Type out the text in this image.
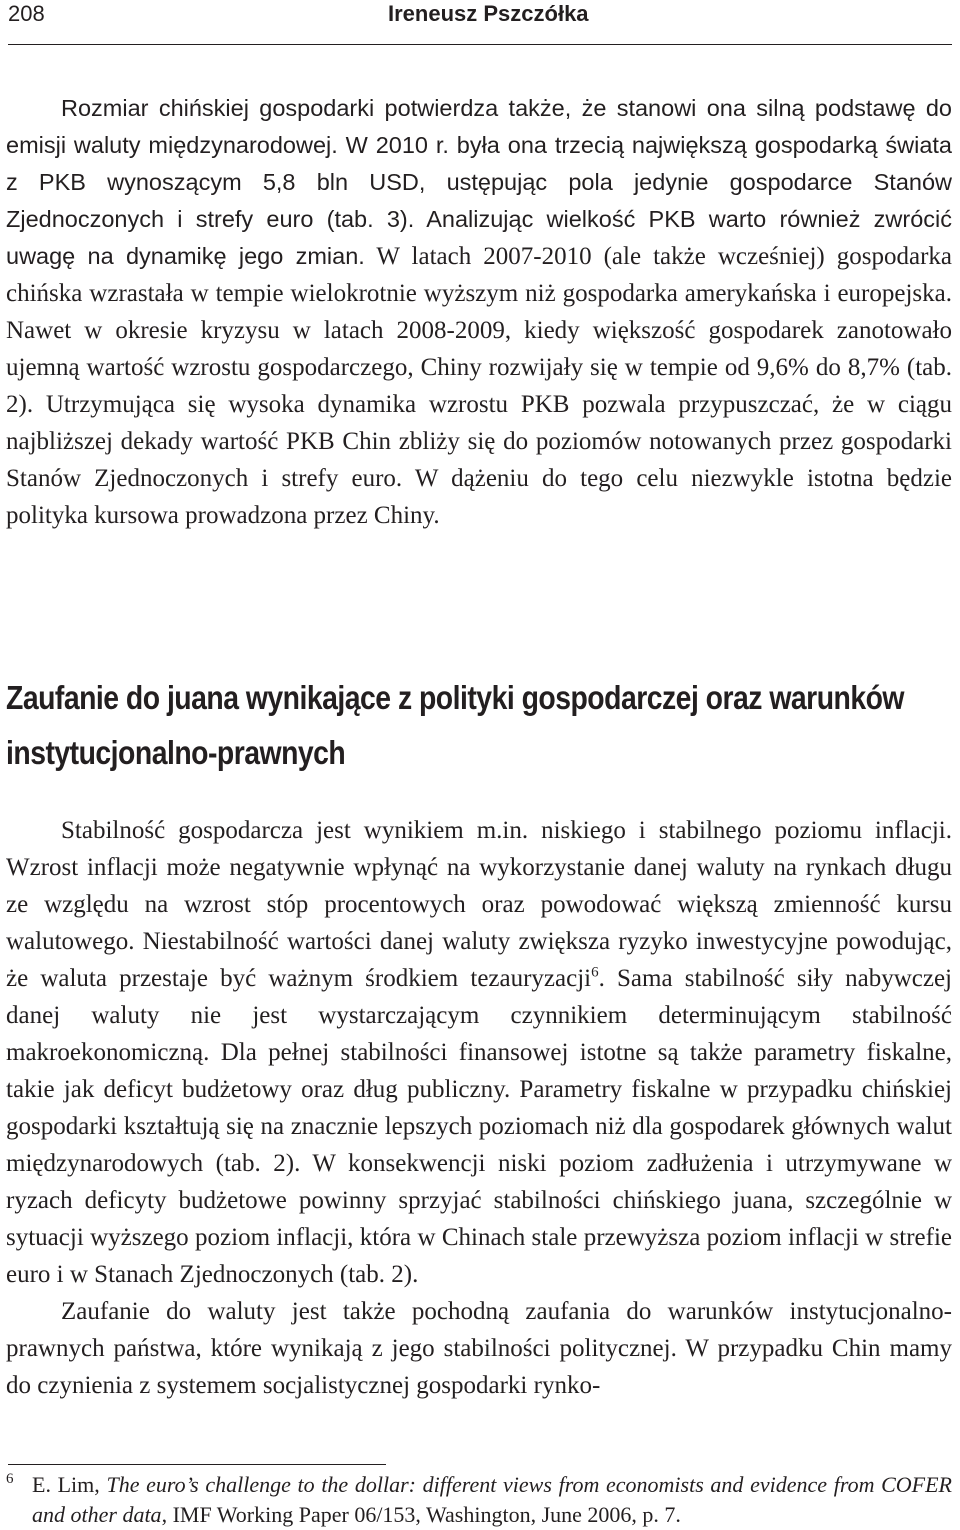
208	Ireneusz Pszczółka

Rozmiar chińskiej gospodarki potwierdza także, że stanowi ona silną podstawę do emisji waluty międzynarodowej. W 2010 r. była ona trzecią największą gospodarką świata z PKB wynoszącym 5,8 bln USD, ustępując pola jedynie gospodarce Stanów Zjednoczonych i strefy euro (tab. 3). Analizując wielkość PKB warto również zwrócić uwagę na dynamikę jego zmian. W latach 2007-2010 (ale także wcześniej) gospodarka chińska wzrastała w tempie wielokrotnie wyższym niż gospodarka amerykańska i europejska. Nawet w okresie kryzysu w latach 2008-2009, kiedy większość gospodarek zanotowało ujemną wartość wzrostu gospodarczego, Chiny rozwijały się w tempie od 9,6% do 8,7% (tab. 2). Utrzymująca się wysoka dynamika wzrostu PKB pozwala przypuszczać, że w ciągu najbliższej dekady wartość PKB Chin zbliży się do poziomów notowanych przez gospodarki Stanów Zjednoczonych i strefy euro. W dążeniu do tego celu niezwykle istotna będzie polityka kursowa prowadzona przez Chiny.

Zaufanie do juana wynikające z polityki gospodarczej oraz warunków instytucjonalno-prawnych

Stabilność gospodarcza jest wynikiem m.in. niskiego i stabilnego poziomu inflacji. Wzrost inflacji może negatywnie wpłynąć na wykorzystanie danej waluty na rynkach długu ze względu na wzrost stóp procentowych oraz powodować większą zmienność kursu walutowego. Niestabilność wartości danej waluty zwiększa ryzyko inwestycyjne powodując, że waluta przestaje być ważnym środkiem tezauryzacji$^6$. Sama stabilność siły nabywczej danej waluty nie jest wystarczającym czynnikiem determinującym stabilność makroekonomiczną. Dla pełnej stabilności finansowej istotne są także parametry fiskalne, takie jak deficyt budżetowy oraz dług publiczny. Parametry fiskalne w przypadku chińskiej gospodarki kształtują się na znacznie lepszych poziomach niż dla gospodarek głównych walut międzynarodowych (tab. 2). W konsekwencji niski poziom zadłużenia i utrzymywane w ryzach deficyty budżetowe powinny sprzyjać stabilności chińskiego juana, szczególnie w sytuacji wyższego poziom inflacji, która w Chinach stale przewyższa poziom inflacji w strefie euro i w Stanach Zjednoczonych (tab. 2).

Zaufanie do waluty jest także pochodną zaufania do warunków instytucjonalno-prawnych państwa, które wynikają z jego stabilności politycznej. W przypadku Chin mamy do czynienia z systemem socjalistycznej gospodarki rynko-

6 E. Lim, The euro’s challenge to the dollar: different views from economists and evidence from COFER and other data, IMF Working Paper 06/153, Washington, June 2006, p. 7.
